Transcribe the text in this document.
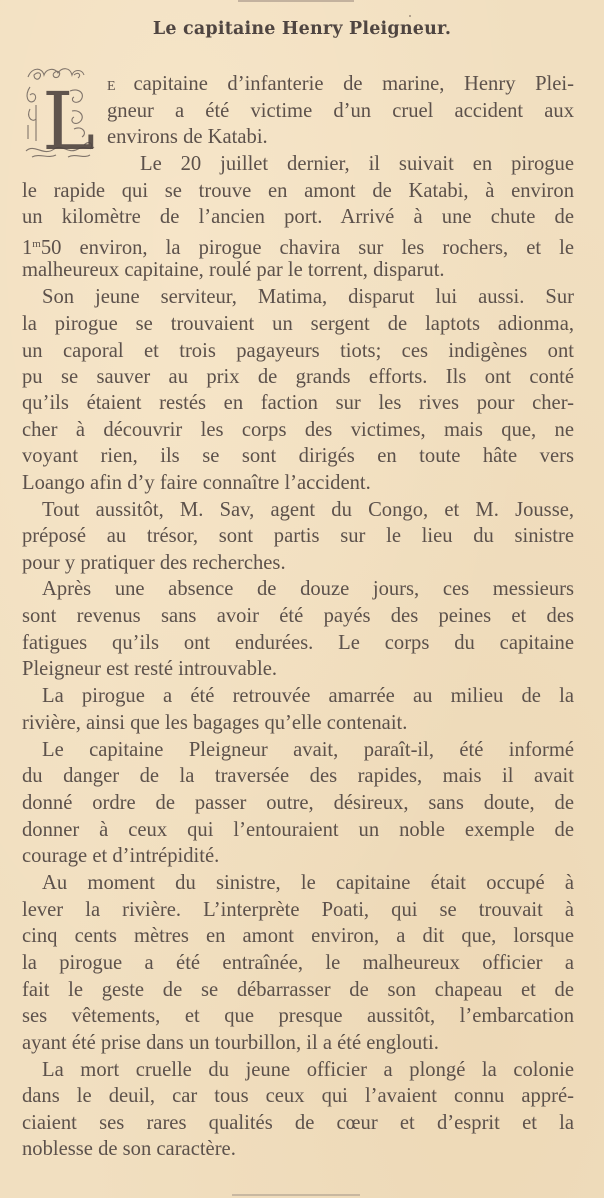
Le capitaine Henry Pleigneur.
L E capitaine d’infanterie de marine, Henry Plei-
gneur a été victime d’un cruel accident aux
environs de Katabi.
Le 20 juillet dernier, il suivait en pirogue
le rapide qui se trouve en amont de Katabi, à environ
un kilomètre de l’ancien port. Arrivé à une chute de
1$^m$50 environ, la pirogue chavira sur les rochers, et le
malheureux capitaine, roulé par le torrent, disparut.
Son jeune serviteur, Matima, disparut lui aussi. Sur
la pirogue se trouvaient un sergent de laptots adionma,
un caporal et trois pagayeurs tiots; ces indigènes ont
pu se sauver au prix de grands efforts. Ils ont conté
qu’ils étaient restés en faction sur les rives pour cher-
cher à découvrir les corps des victimes, mais que, ne
voyant rien, ils se sont dirigés en toute hâte vers
Loango afin d’y faire connaître l’accident.
Tout aussitôt, M. Sav, agent du Congo, et M. Jousse,
préposé au trésor, sont partis sur le lieu du sinistre
pour y pratiquer des recherches.
Après une absence de douze jours, ces messieurs
sont revenus sans avoir été payés des peines et des
fatigues qu’ils ont endurées. Le corps du capitaine
Pleigneur est resté introuvable.
La pirogue a été retrouvée amarrée au milieu de la
rivière, ainsi que les bagages qu’elle contenait.
Le capitaine Pleigneur avait, paraît-il, été informé
du danger de la traversée des rapides, mais il avait
donné ordre de passer outre, désireux, sans doute, de
donner à ceux qui l’entouraient un noble exemple de
courage et d’intrépidité.
Au moment du sinistre, le capitaine était occupé à
lever la rivière. L’interprète Poati, qui se trouvait à
cinq cents mètres en amont environ, a dit que, lorsque
la pirogue a été entraînée, le malheureux officier a
fait le geste de se débarrasser de son chapeau et de
ses vêtements, et que presque aussitôt, l’embarcation
ayant été prise dans un tourbillon, il a été englouti.
La mort cruelle du jeune officier a plongé la colonie
dans le deuil, car tous ceux qui l’avaient connu appré-
ciaient ses rares qualités de cœur et d’esprit et la
noblesse de son caractère.
